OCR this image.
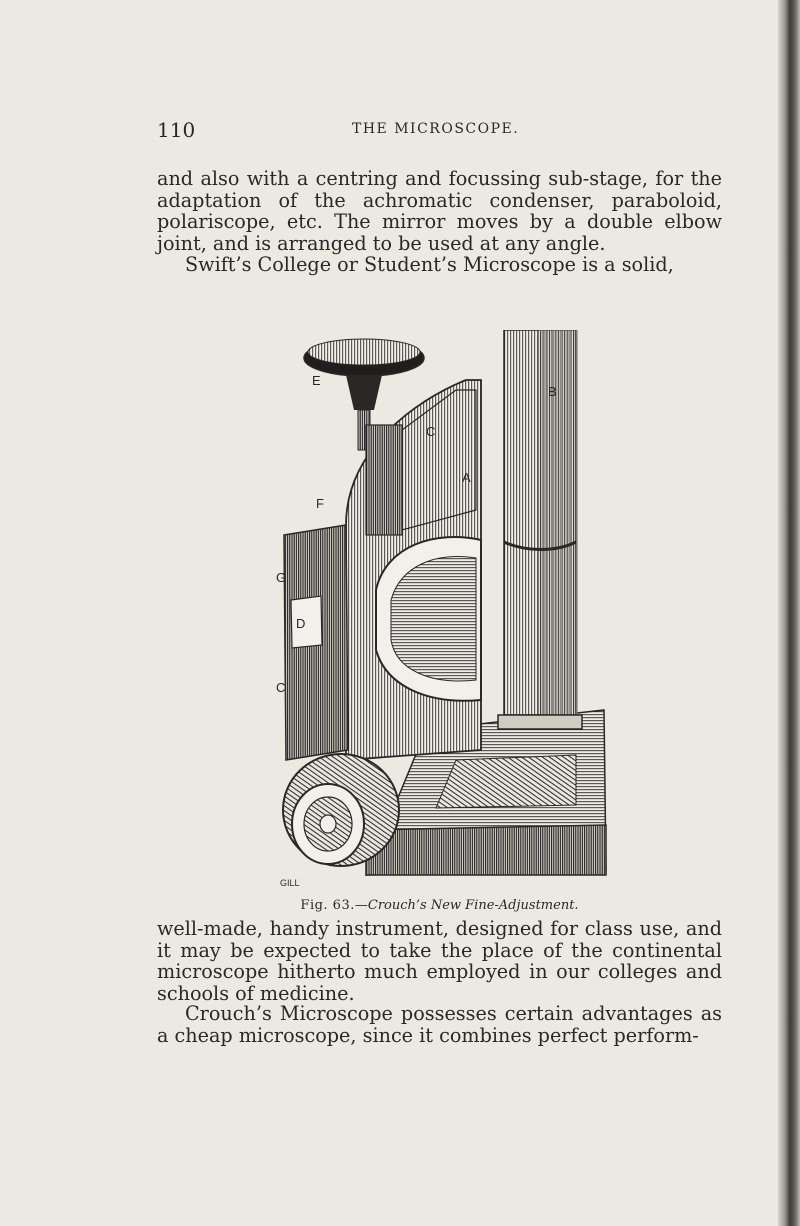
110	THE MICROSCOPE.

and also with a centring and focussing sub-stage, for the adaptation of the achromatic condenser, paraboloid, polariscope, etc. The mirror moves by a double elbow joint, and is arranged to be used at any angle.

Swift’s College or Student’s Microscope is a solid,

E
C
B
A
F
G
D
C
GILL
Fig. 63.—Crouch’s New Fine-Adjustment.

well-made, handy instrument, designed for class use, and it may be expected to take the place of the continental microscope hitherto much employed in our colleges and schools of medicine.

Crouch’s Microscope possesses certain advantages as a cheap microscope, since it combines perfect perform-
